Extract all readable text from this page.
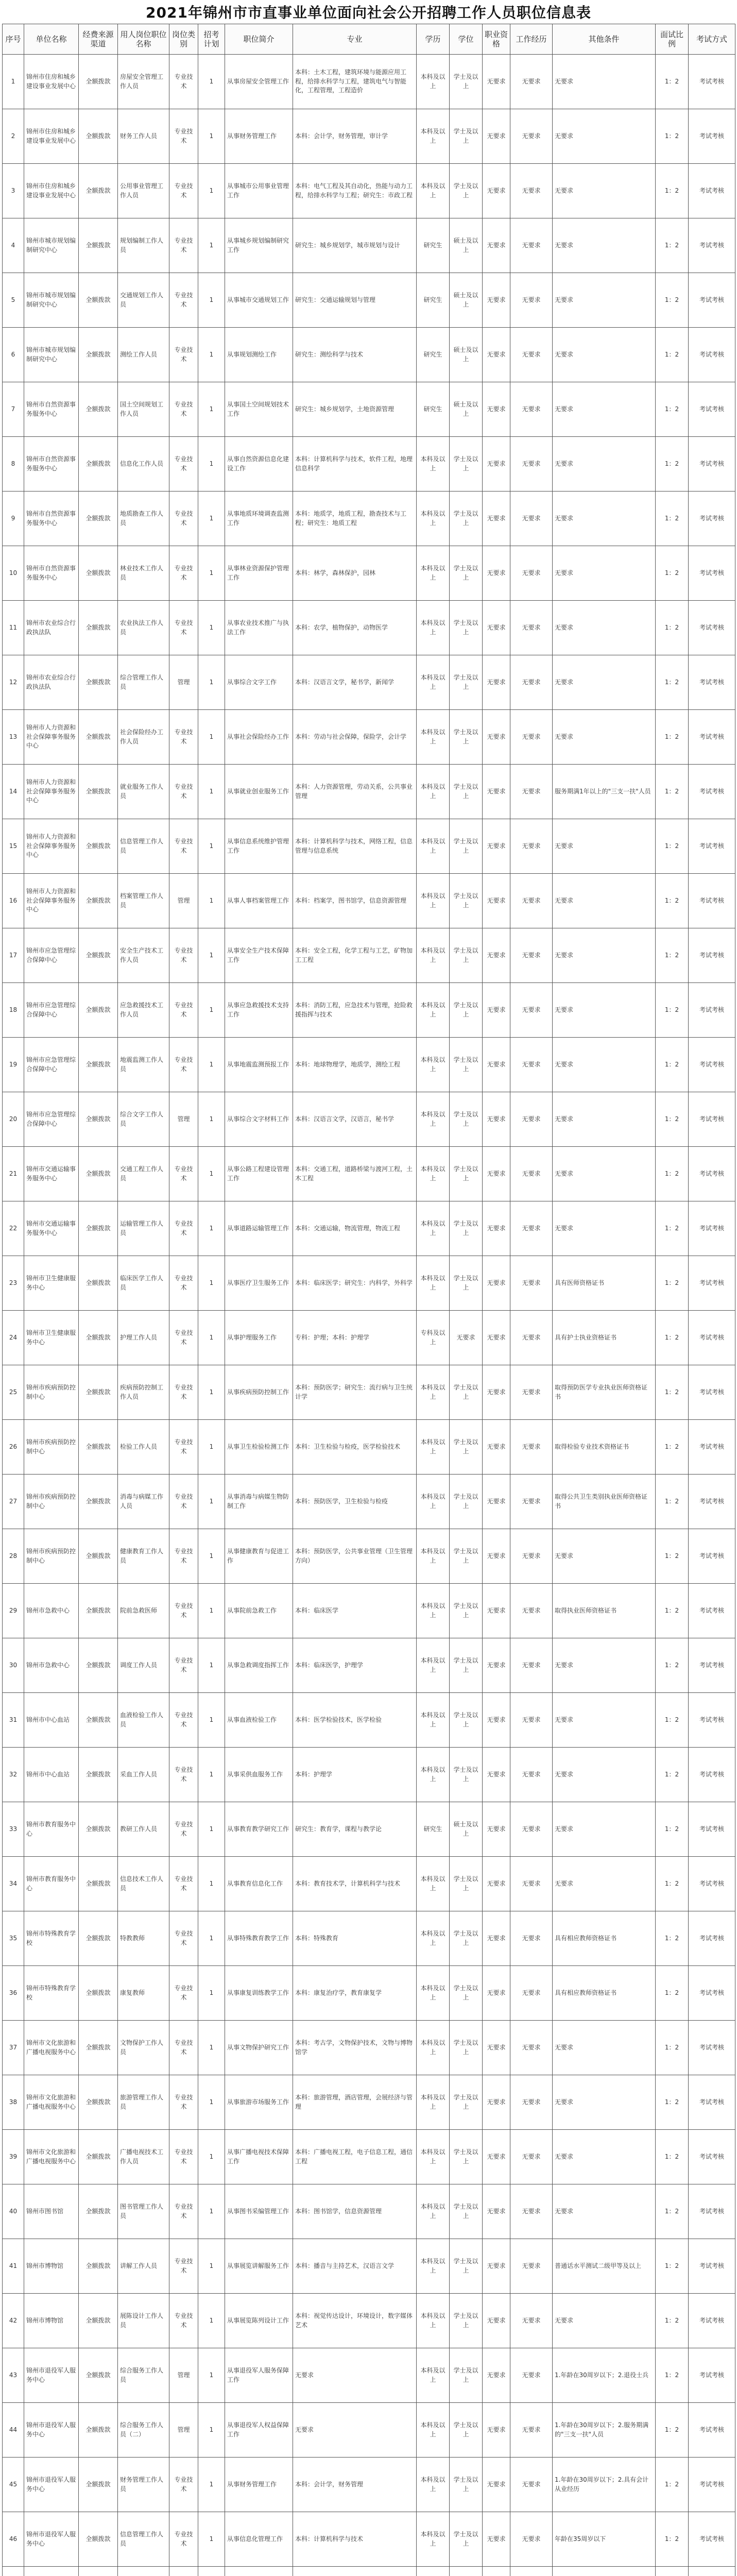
2021年锦州市市直事业单位面向社会公开招聘工作人员职位信息表
序号	单位名称	经费来源渠道	用人岗位职位名称	岗位类别	招考计划	职位简介	专业	学历	学位	职业资格	工作经历	其他条件	面试比例	考试方式
1	锦州市住房和城乡建设事业发展中心	全额拨款	房屋安全管理工作人员	专业技术	1	从事房屋安全管理工作	本科：土木工程，建筑环境与能源应用工程，给排水科学与工程，建筑电气与智能化，工程管理，工程造价	本科及以上	学士及以上	无要求	无要求	无要求	1：2	考试考核
2	锦州市住房和城乡建设事业发展中心	全额拨款	财务工作人员	专业技术	1	从事财务管理工作	本科：会计学，财务管理，审计学	本科及以上	学士及以上	无要求	无要求	无要求	1：2	考试考核
3	锦州市住房和城乡建设事业发展中心	全额拨款	公用事业管理工作人员	专业技术	1	从事城市公用事业管理工作	本科：电气工程及其自动化，热能与动力工程，给排水科学与工程；研究生：市政工程	本科及以上	学士及以上	无要求	无要求	无要求	1：2	考试考核
4	锦州市城市规划编制研究中心	全额拨款	规划编制工作人员	专业技术	1	从事城乡规划编制研究工作	研究生：城乡规划学，城市规划与设计	研究生	硕士及以上	无要求	无要求	无要求	1：2	考试考核
5	锦州市城市规划编制研究中心	全额拨款	交通规划工作人员	专业技术	1	从事城市交通规划工作	研究生：交通运输规划与管理	研究生	硕士及以上	无要求	无要求	无要求	1：2	考试考核
6	锦州市城市规划编制研究中心	全额拨款	测绘工作人员	专业技术	1	从事规划测绘工作	研究生：测绘科学与技术	研究生	硕士及以上	无要求	无要求	无要求	1：2	考试考核
7	锦州市自然资源事务服务中心	全额拨款	国土空间规划工作人员	专业技术	1	从事国土空间规划技术工作	研究生：城乡规划学，土地资源管理	研究生	硕士及以上	无要求	无要求	无要求	1：2	考试考核
8	锦州市自然资源事务服务中心	全额拨款	信息化工作人员	专业技术	1	从事自然资源信息化建设工作	本科：计算机科学与技术，软件工程，地理信息科学	本科及以上	学士及以上	无要求	无要求	无要求	1：2	考试考核
9	锦州市自然资源事务服务中心	全额拨款	地质勘查工作人员	专业技术	1	从事地质环境调查监测工作	本科：地质学，地质工程，勘查技术与工程；研究生：地质工程	本科及以上	学士及以上	无要求	无要求	无要求	1：2	考试考核
10	锦州市自然资源事务服务中心	全额拨款	林业技术工作人员	专业技术	1	从事林业资源保护管理工作	本科：林学，森林保护，园林	本科及以上	学士及以上	无要求	无要求	无要求	1：2	考试考核
11	锦州市农业综合行政执法队	全额拨款	农业执法工作人员	专业技术	1	从事农业技术推广与执法工作	本科：农学，植物保护，动物医学	本科及以上	学士及以上	无要求	无要求	无要求	1：2	考试考核
12	锦州市农业综合行政执法队	全额拨款	综合管理工作人员	管理	1	从事综合文字工作	本科：汉语言文学，秘书学，新闻学	本科及以上	学士及以上	无要求	无要求	无要求	1：2	考试考核
13	锦州市人力资源和社会保障事务服务中心	全额拨款	社会保险经办工作人员	专业技术	1	从事社会保险经办工作	本科：劳动与社会保障，保险学，会计学	本科及以上	学士及以上	无要求	无要求	无要求	1：2	考试考核
14	锦州市人力资源和社会保障事务服务中心	全额拨款	就业服务工作人员	专业技术	1	从事就业创业服务工作	本科：人力资源管理，劳动关系，公共事业管理	本科及以上	学士及以上	无要求	无要求	服务期满1年以上的"三支一扶"人员	1：2	考试考核
15	锦州市人力资源和社会保障事务服务中心	全额拨款	信息管理工作人员	专业技术	1	从事信息系统维护管理工作	本科：计算机科学与技术，网络工程，信息管理与信息系统	本科及以上	学士及以上	无要求	无要求	无要求	1：2	考试考核
16	锦州市人力资源和社会保障事务服务中心	全额拨款	档案管理工作人员	管理	1	从事人事档案管理工作	本科：档案学，图书馆学，信息资源管理	本科及以上	学士及以上	无要求	无要求	无要求	1：2	考试考核
17	锦州市应急管理综合保障中心	全额拨款	安全生产技术工作人员	专业技术	1	从事安全生产技术保障工作	本科：安全工程，化学工程与工艺，矿物加工工程	本科及以上	学士及以上	无要求	无要求	无要求	1：2	考试考核
18	锦州市应急管理综合保障中心	全额拨款	应急救援技术工作人员	专业技术	1	从事应急救援技术支持工作	本科：消防工程，应急技术与管理，抢险救援指挥与技术	本科及以上	学士及以上	无要求	无要求	无要求	1：2	考试考核
19	锦州市应急管理综合保障中心	全额拨款	地震监测工作人员	专业技术	1	从事地震监测预报工作	本科：地球物理学，地质学，测绘工程	本科及以上	学士及以上	无要求	无要求	无要求	1：2	考试考核
20	锦州市应急管理综合保障中心	全额拨款	综合文字工作人员	管理	1	从事综合文字材料工作	本科：汉语言文学，汉语言，秘书学	本科及以上	学士及以上	无要求	无要求	无要求	1：2	考试考核
21	锦州市交通运输事务服务中心	全额拨款	交通工程工作人员	专业技术	1	从事公路工程建设管理工作	本科：交通工程，道路桥梁与渡河工程，土木工程	本科及以上	学士及以上	无要求	无要求	无要求	1：2	考试考核
22	锦州市交通运输事务服务中心	全额拨款	运输管理工作人员	专业技术	1	从事道路运输管理工作	本科：交通运输，物流管理，物流工程	本科及以上	学士及以上	无要求	无要求	无要求	1：2	考试考核
23	锦州市卫生健康服务中心	全额拨款	临床医学工作人员	专业技术	1	从事医疗卫生服务工作	本科：临床医学；研究生：内科学，外科学	本科及以上	学士及以上	无要求	无要求	具有医师资格证书	1：2	考试考核
24	锦州市卫生健康服务中心	全额拨款	护理工作人员	专业技术	1	从事护理服务工作	专科：护理；本科：护理学	专科及以上	无要求	无要求	无要求	具有护士执业资格证书	1：2	考试考核
25	锦州市疾病预防控制中心	全额拨款	疾病预防控制工作人员	专业技术	1	从事疾病预防控制工作	本科：预防医学；研究生：流行病与卫生统计学	本科及以上	学士及以上	无要求	无要求	取得预防医学专业执业医师资格证书	1：2	考试考核
26	锦州市疾病预防控制中心	全额拨款	检验工作人员	专业技术	1	从事卫生检验检测工作	本科：卫生检验与检疫，医学检验技术	本科及以上	学士及以上	无要求	无要求	取得检验专业技术资格证书	1：2	考试考核
27	锦州市疾病预防控制中心	全额拨款	消毒与病媒工作人员	专业技术	1	从事消毒与病媒生物防制工作	本科：预防医学，卫生检验与检疫	本科及以上	学士及以上	无要求	无要求	取得公共卫生类别执业医师资格证书	1：2	考试考核
28	锦州市疾病预防控制中心	全额拨款	健康教育工作人员	专业技术	1	从事健康教育与促进工作	本科：预防医学，公共事业管理（卫生管理方向）	本科及以上	学士及以上	无要求	无要求	无要求	1：2	考试考核
29	锦州市急救中心	全额拨款	院前急救医师	专业技术	1	从事院前急救工作	本科：临床医学	本科及以上	学士及以上	无要求	无要求	取得执业医师资格证书	1：2	考试考核
30	锦州市急救中心	全额拨款	调度工作人员	专业技术	1	从事急救调度指挥工作	本科：临床医学，护理学	本科及以上	学士及以上	无要求	无要求	无要求	1：2	考试考核
31	锦州市中心血站	全额拨款	血液检验工作人员	专业技术	1	从事血液检验工作	本科：医学检验技术，医学检验	本科及以上	学士及以上	无要求	无要求	无要求	1：2	考试考核
32	锦州市中心血站	全额拨款	采血工作人员	专业技术	1	从事采供血服务工作	本科：护理学	本科及以上	学士及以上	无要求	无要求	无要求	1：2	考试考核
33	锦州市教育服务中心	全额拨款	教研工作人员	专业技术	1	从事教育教学研究工作	研究生：教育学，课程与教学论	研究生	硕士及以上	无要求	无要求	无要求	1：2	考试考核
34	锦州市教育服务中心	全额拨款	信息技术工作人员	专业技术	1	从事教育信息化工作	本科：教育技术学，计算机科学与技术	本科及以上	学士及以上	无要求	无要求	无要求	1：2	考试考核
35	锦州市特殊教育学校	全额拨款	特教教师	专业技术	1	从事特殊教育教学工作	本科：特殊教育	本科及以上	学士及以上	无要求	无要求	具有相应教师资格证书	1：2	考试考核
36	锦州市特殊教育学校	全额拨款	康复教师	专业技术	1	从事康复训练教学工作	本科：康复治疗学，教育康复学	本科及以上	学士及以上	无要求	无要求	具有相应教师资格证书	1：2	考试考核
37	锦州市文化旅游和广播电视服务中心	全额拨款	文物保护工作人员	专业技术	1	从事文物保护研究工作	本科：考古学，文物保护技术，文物与博物馆学	本科及以上	学士及以上	无要求	无要求	无要求	1：2	考试考核
38	锦州市文化旅游和广播电视服务中心	全额拨款	旅游管理工作人员	专业技术	1	从事旅游市场服务工作	本科：旅游管理，酒店管理，会展经济与管理	本科及以上	学士及以上	无要求	无要求	无要求	1：2	考试考核
39	锦州市文化旅游和广播电视服务中心	全额拨款	广播电视技术工作人员	专业技术	1	从事广播电视技术保障工作	本科：广播电视工程，电子信息工程，通信工程	本科及以上	学士及以上	无要求	无要求	无要求	1：2	考试考核
40	锦州市图书馆	全额拨款	图书管理工作人员	专业技术	1	从事图书采编管理工作	本科：图书馆学，信息资源管理	本科及以上	学士及以上	无要求	无要求	无要求	1：2	考试考核
41	锦州市博物馆	全额拨款	讲解工作人员	专业技术	1	从事展览讲解服务工作	本科：播音与主持艺术，汉语言文学	本科及以上	学士及以上	无要求	无要求	普通话水平测试二级甲等及以上	1：2	考试考核
42	锦州市博物馆	全额拨款	展陈设计工作人员	专业技术	1	从事展览陈列设计工作	本科：视觉传达设计，环境设计，数字媒体艺术	本科及以上	学士及以上	无要求	无要求	无要求	1：2	考试考核
43	锦州市退役军人服务中心	全额拨款	综合服务工作人员	管理	1	从事退役军人服务保障工作	无要求	本科及以上	学士及以上	无要求	无要求	1.年龄在30周岁以下；2.退役士兵	1：2	考试考核
44	锦州市退役军人服务中心	全额拨款	综合服务工作人员（二）	管理	1	从事退役军人权益保障工作	无要求	本科及以上	学士及以上	无要求	无要求	1.年龄在30周岁以下；2.服务期满的"三支一扶"人员	1：2	考试考核
45	锦州市退役军人服务中心	全额拨款	财务管理工作人员	专业技术	1	从事财务管理工作	本科：会计学，财务管理	本科及以上	学士及以上	无要求	无要求	1.年龄在30周岁以下；2.具有会计从业经历	1：2	考试考核
46	锦州市退役军人服务中心	全额拨款	信息管理工作人员	专业技术	1	从事信息化管理工作	本科：计算机科学与技术	本科及以上	学士及以上	无要求	无要求	年龄在35周岁以下	1：2	考试考核
